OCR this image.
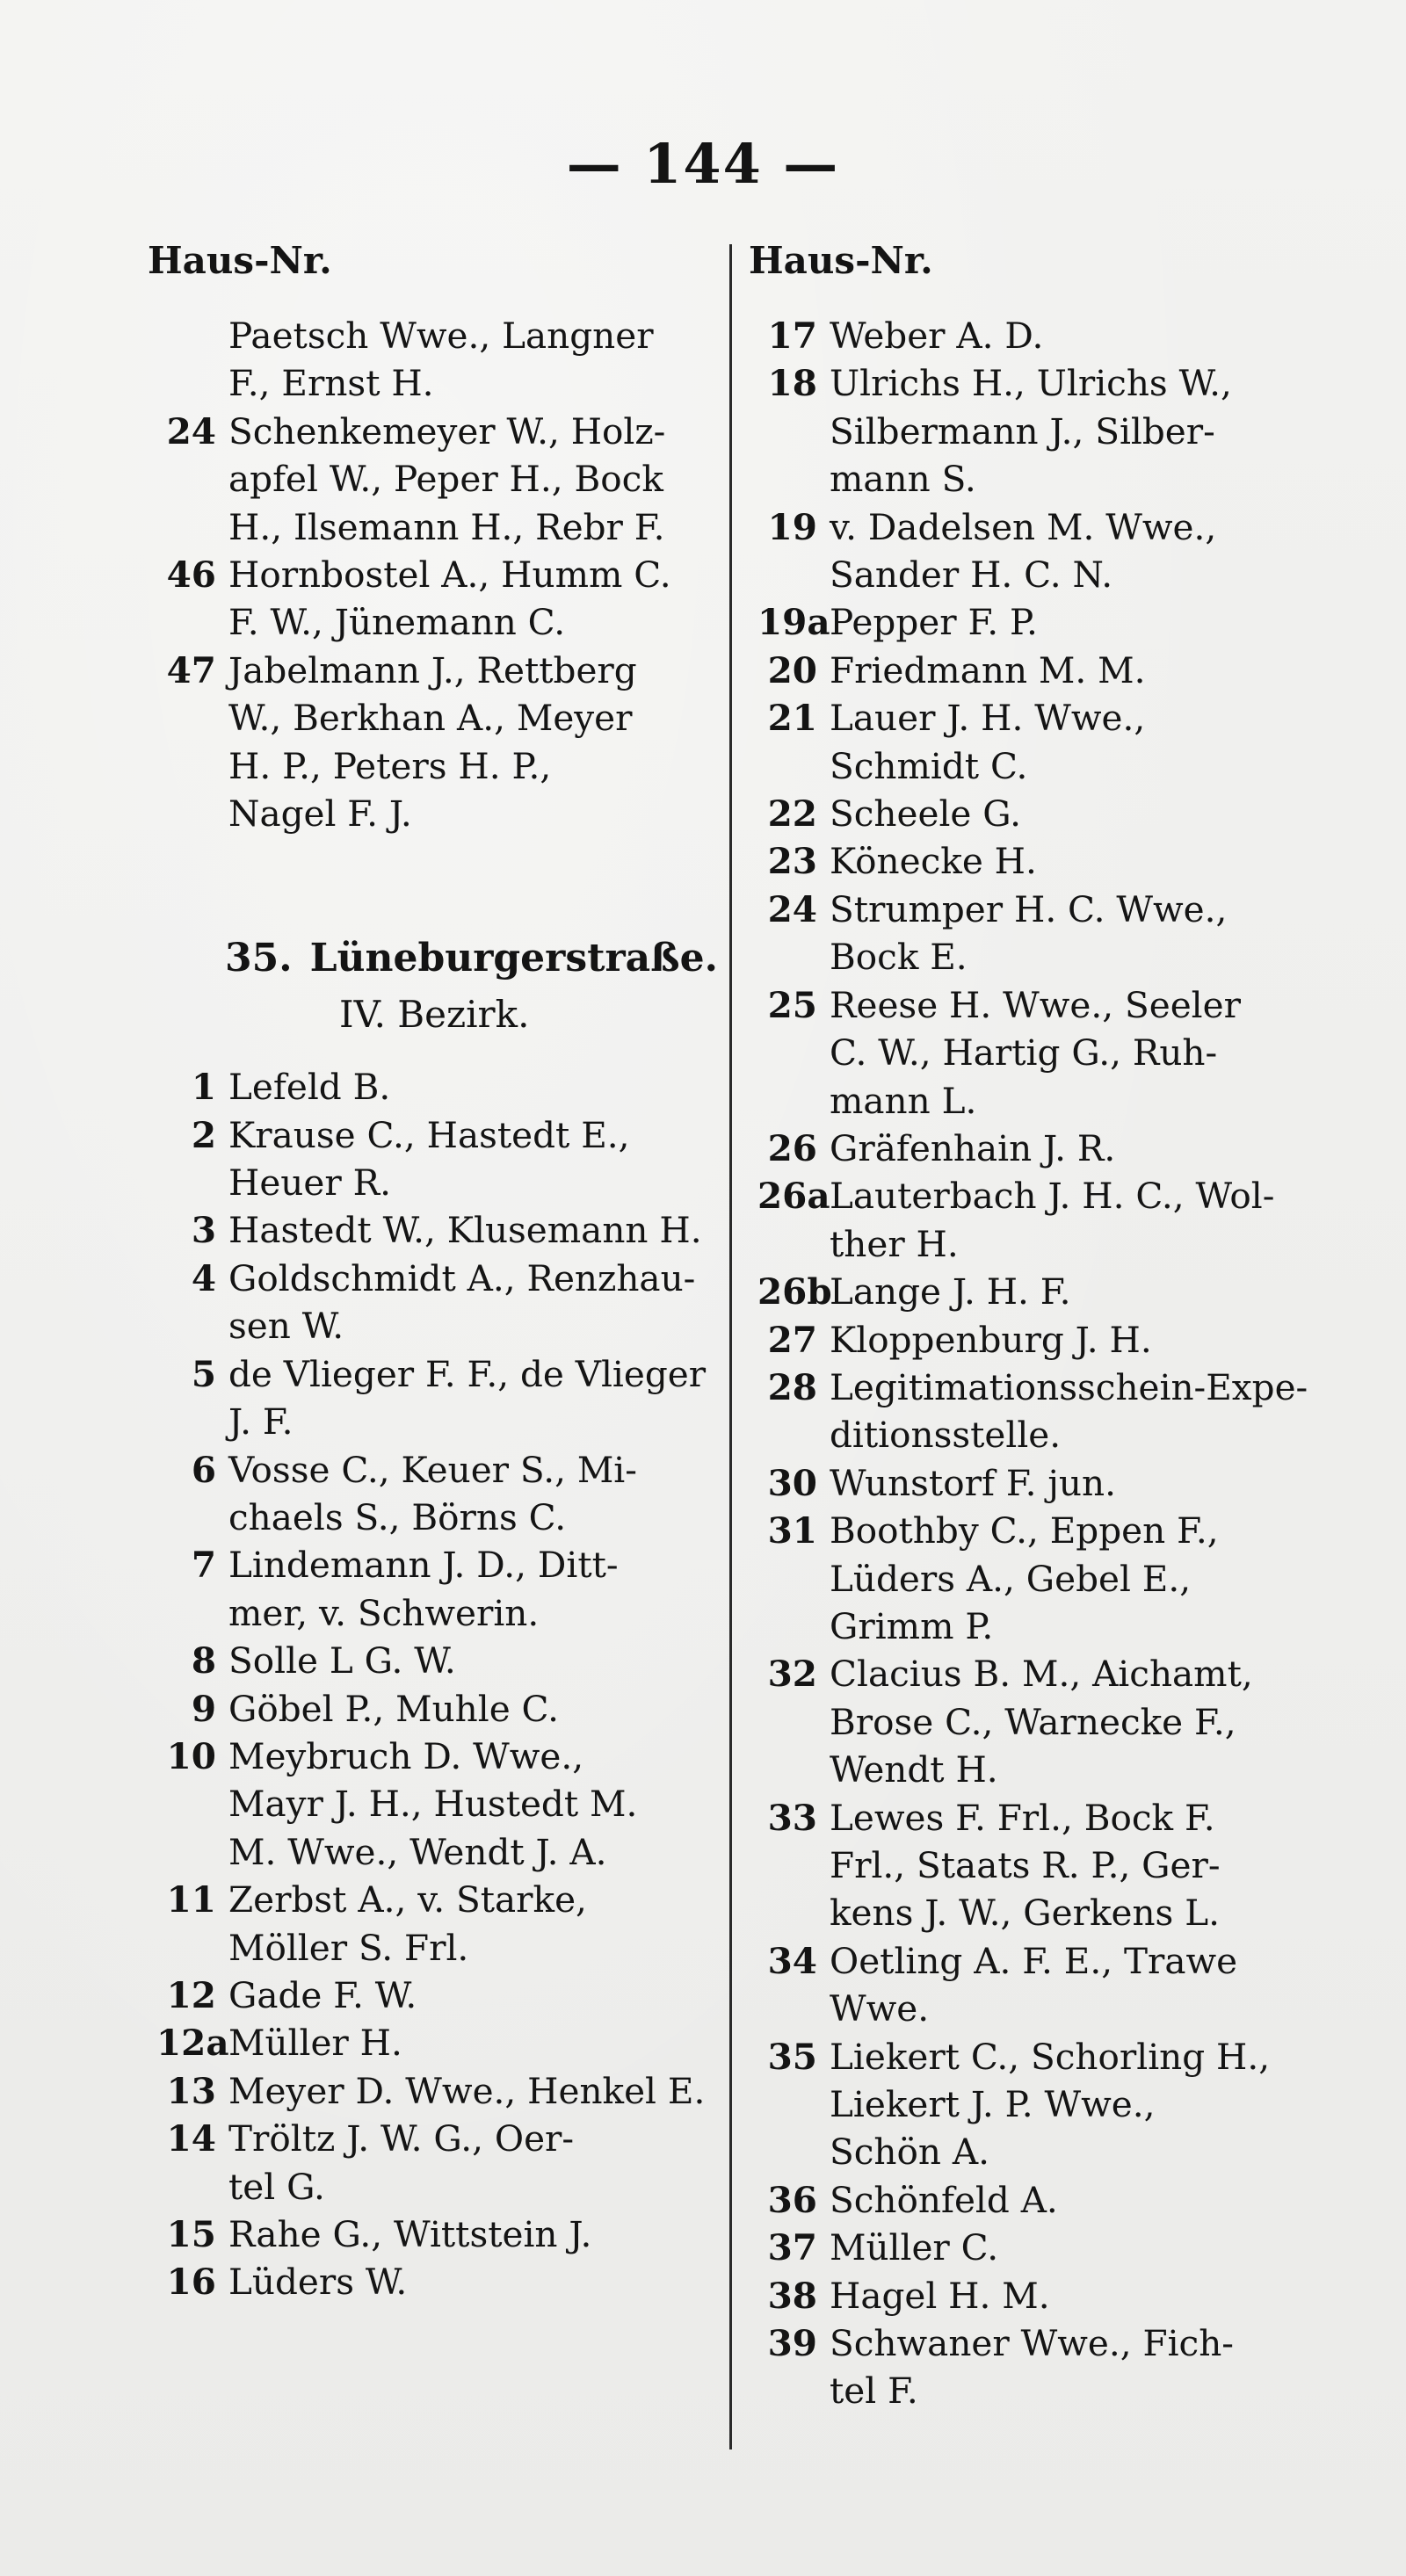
— 144 —
Haus-Nr.	Haus-Nr.
Paetsch Wwe., Langner
F., Ernst H.
24 Schenkemeyer W., Holz-
apfel W., Peper H., Bock
H., Ilsemann H., Rebr F.
46 Hornbostel A., Humm C.
F. W., Jünemann C.
47 Jabelmann J., Rettberg
W., Berkhan A., Meyer
H. P., Peters H. P.,
Nagel F. J.
35. Lüneburgerstraße.
IV. Bezirk.
1 Lefeld B.
2 Krause C., Hastedt E.,
Heuer R.
3 Hastedt W., Klusemann H.
4 Goldschmidt A., Renzhau-
sen W.
5 de Vlieger F. F., de Vlieger
J. F.
6 Vosse C., Keuer S., Mi-
chaels S., Börns C.
7 Lindemann J. D., Ditt-
mer, v. Schwerin.
8 Solle L G. W.
9 Göbel P., Muhle C.
10 Meybruch D. Wwe.,
Mayr J. H., Hustedt M.
M. Wwe., Wendt J. A.
11 Zerbst A., v. Starke,
Möller S. Frl.
12 Gade F. W.
12a Müller H.
13 Meyer D. Wwe., Henkel E.
14 Tröltz J. W. G., Oer-
tel G.
15 Rahe G., Wittstein J.
16 Lüders W.
17 Weber A. D.
18 Ulrichs H., Ulrichs W.,
Silbermann J., Silber-
mann S.
19 v. Dadelsen M. Wwe.,
Sander H. C. N.
19a Pepper F. P.
20 Friedmann M. M.
21 Lauer J. H. Wwe.,
Schmidt C.
22 Scheele G.
23 Könecke H.
24 Strumper H. C. Wwe.,
Bock E.
25 Reese H. Wwe., Seeler
C. W., Hartig G., Ruh-
mann L.
26 Gräfenhain J. R.
26a Lauterbach J. H. C., Wol-
ther H.
26b
Lange J. H. F.
27 Kloppenburg J. H.
28 Legitimationsschein-Expe-
ditionsstelle.
30 Wunstorf F. jun.
31 Boothby C., Eppen F.,
Lüders A., Gebel E.,
Grimm P.
32 Clacius B. M., Aichamt,
Brose C., Warnecke F.,
Wendt H.
33 Lewes F. Frl., Bock F.
Frl., Staats R. P., Ger-
kens J. W., Gerkens L.
34 Oetling A. F. E., Trawe
Wwe.
35 Liekert C., Schorling H.,
Liekert J. P. Wwe.,
Schön A.
36 Schönfeld A.
37 Müller C.
38 Hagel H. M.
39 Schwaner Wwe., Fich-
tel F.
